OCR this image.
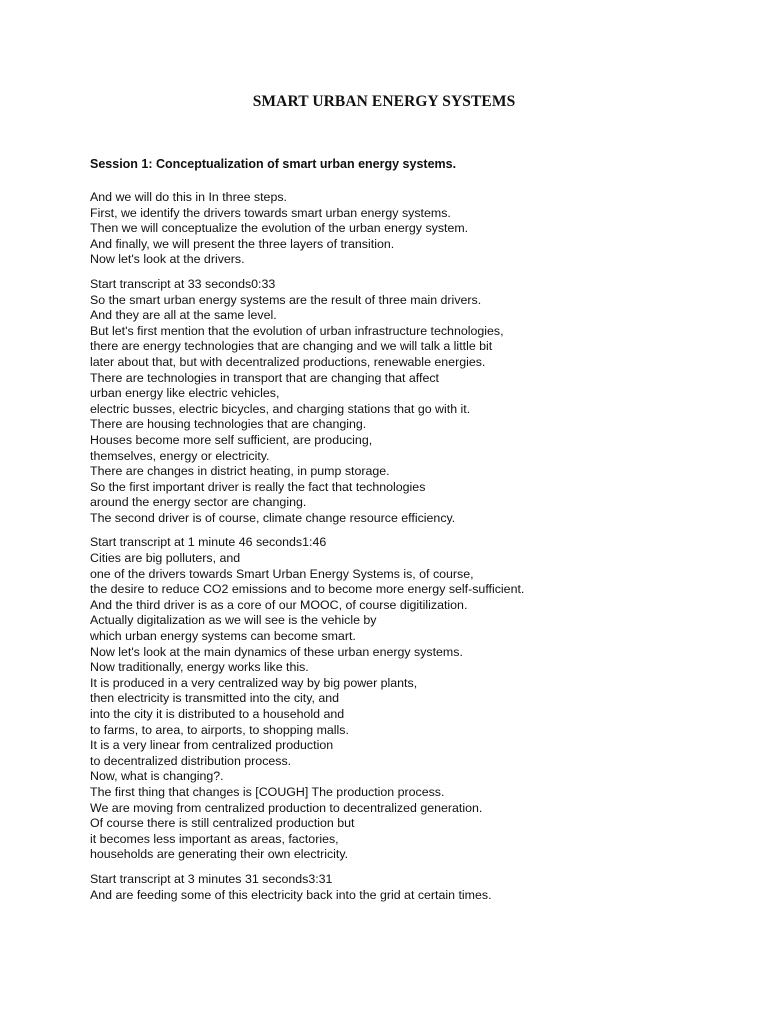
SMART URBAN ENERGY SYSTEMS
Session 1: Conceptualization of smart urban energy systems.
And we will do this in In three steps.
First, we identify the drivers towards smart urban energy systems.
Then we will conceptualize the evolution of the urban energy system.
And finally, we will present the three layers of transition.
Now let's look at the drivers.
Start transcript at 33 seconds0:33
So the smart urban energy systems are the result of three main drivers.
And they are all at the same level.
But let's first mention that the evolution of urban infrastructure technologies,
there are energy technologies that are changing and we will talk a little bit
later about that, but with decentralized productions, renewable energies.
There are technologies in transport that are changing that affect
urban energy like electric vehicles,
electric busses, electric bicycles, and charging stations that go with it.
There are housing technologies that are changing.
Houses become more self sufficient, are producing,
themselves, energy or electricity.
There are changes in district heating, in pump storage.
So the first important driver is really the fact that technologies
around the energy sector are changing.
The second driver is of course, climate change resource efficiency.
Start transcript at 1 minute 46 seconds1:46
Cities are big polluters, and
one of the drivers towards Smart Urban Energy Systems is, of course,
the desire to reduce CO2 emissions and to become more energy self-sufficient.
And the third driver is as a core of our MOOC, of course digitilization.
Actually digitalization as we will see is the vehicle by
which urban energy systems can become smart.
Now let's look at the main dynamics of these urban energy systems.
Now traditionally, energy works like this.
It is produced in a very centralized way by big power plants,
then electricity is transmitted into the city, and
into the city it is distributed to a household and
to farms, to area, to airports, to shopping malls.
It is a very linear from centralized production
to decentralized distribution process.
Now, what is changing?.
The first thing that changes is [COUGH] The production process.
We are moving from centralized production to decentralized generation.
Of course there is still centralized production but
it becomes less important as areas, factories,
households are generating their own electricity.
Start transcript at 3 minutes 31 seconds3:31
And are feeding some of this electricity back into the grid at certain times.
